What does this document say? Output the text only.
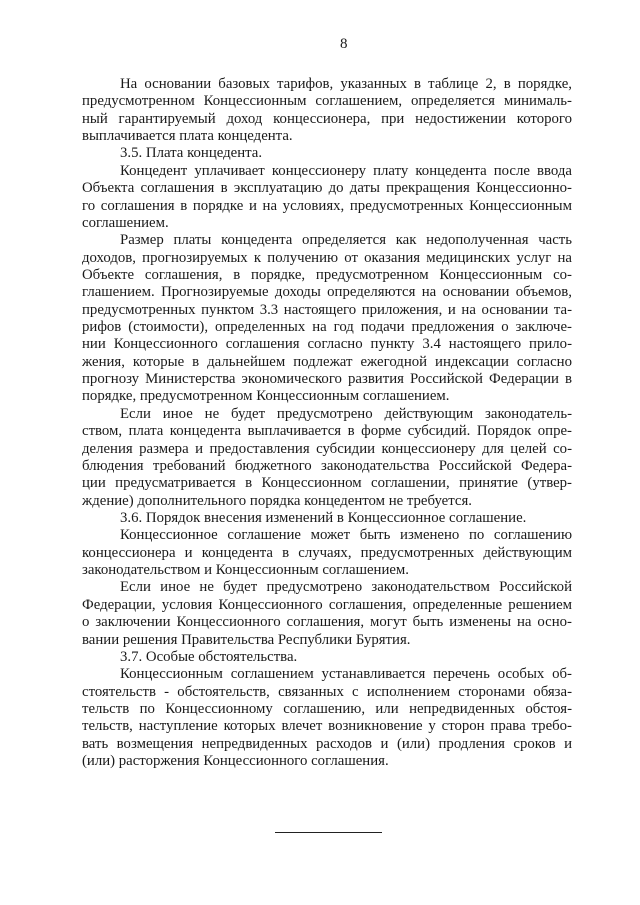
8
На основании базовых тарифов, указанных в таблице 2, в порядке,
предусмотренном Концессионным соглашением, определяется минималь-
ный гарантируемый доход концессионера, при недостижении которого
выплачивается плата концедента.
3.5. Плата концедента.
Концедент уплачивает концессионеру плату концедента после ввода
Объекта соглашения в эксплуатацию до даты прекращения Концессионно-
го соглашения в порядке и на условиях, предусмотренных Концессионным
соглашением.
Размер платы концедента определяется как недополученная часть
доходов, прогнозируемых к получению от оказания медицинских услуг на
Объекте соглашения, в порядке, предусмотренном Концессионным со-
глашением. Прогнозируемые доходы определяются на основании объемов,
предусмотренных пунктом 3.3 настоящего приложения, и на основании та-
рифов (стоимости), определенных на год подачи предложения о заключе-
нии Концессионного соглашения согласно пункту 3.4 настоящего прило-
жения, которые в дальнейшем подлежат ежегодной индексации согласно
прогнозу Министерства экономического развития Российской Федерации в
порядке, предусмотренном Концессионным соглашением.
Если иное не будет предусмотрено действующим законодатель-
ством, плата концедента выплачивается в форме субсидий. Порядок опре-
деления размера и предоставления субсидии концессионеру для целей со-
блюдения требований бюджетного законодательства Российской Федера-
ции предусматривается в Концессионном соглашении, принятие (утвер-
ждение) дополнительного порядка концедентом не требуется.
3.6. Порядок внесения изменений в Концессионное соглашение.
Концессионное соглашение может быть изменено по соглашению
концессионера и концедента в случаях, предусмотренных действующим
законодательством и Концессионным соглашением.
Если иное не будет предусмотрено законодательством Российской
Федерации, условия Концессионного соглашения, определенные решением
о заключении Концессионного соглашения, могут быть изменены на осно-
вании решения Правительства Республики Бурятия.
3.7. Особые обстоятельства.
Концессионным соглашением устанавливается перечень особых об-
стоятельств - обстоятельств, связанных с исполнением сторонами обяза-
тельств по Концессионному соглашению, или непредвиденных обстоя-
тельств, наступление которых влечет возникновение у сторон права требо-
вать возмещения непредвиденных расходов и (или) продления сроков и
(или) расторжения Концессионного соглашения.
